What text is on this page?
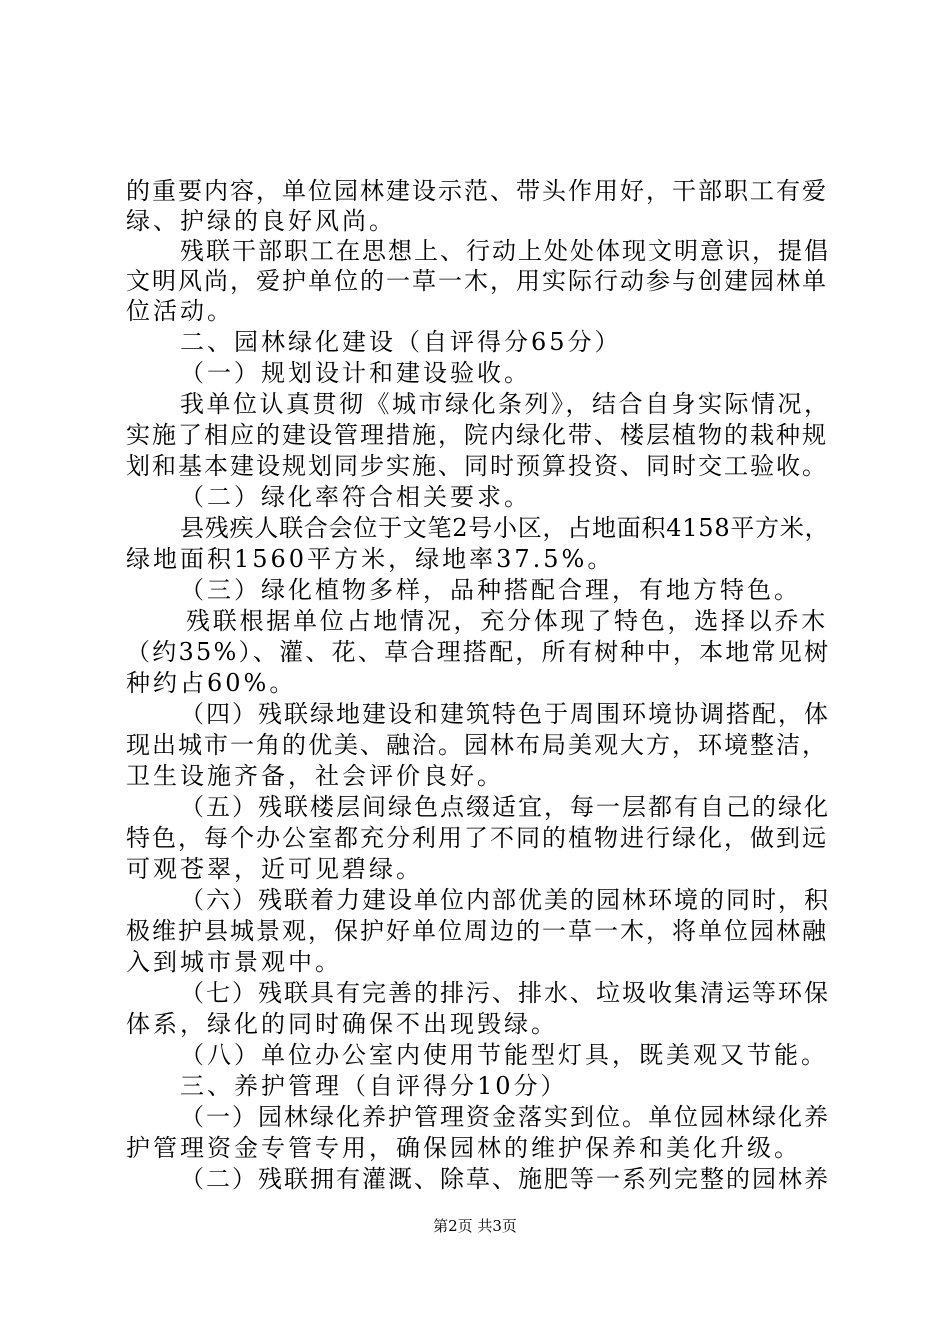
的重要内容，单位园林建设示范、带头作用好，干部职工有爱
绿、护绿的良好风尚。
残联干部职工在思想上、行动上处处体现文明意识，提倡
文明风尚，爱护单位的一草一木，用实际行动参与创建园林单
位活动。
二、园林绿化建设（自评得分65分）
（一）规划设计和建设验收。
我单位认真贯彻《城市绿化条列》，结合自身实际情况，
实施了相应的建设管理措施，院内绿化带、楼层植物的栽种规
划和基本建设规划同步实施、同时预算投资、同时交工验收。
（二）绿化率符合相关要求。
县残疾人联合会位于文笔2号小区，占地面积4158平方米，
绿地面积1560平方米，绿地率37.5%。
（三）绿化植物多样，品种搭配合理，有地方特色。
残联根据单位占地情况，充分体现了特色，选择以乔木
（约35%）、灌、花、草合理搭配，所有树种中，本地常见树
种约占60%。
（四）残联绿地建设和建筑特色于周围环境协调搭配，体
现出城市一角的优美、融洽。园林布局美观大方，环境整洁，
卫生设施齐备，社会评价良好。
（五）残联楼层间绿色点缀适宜，每一层都有自己的绿化
特色，每个办公室都充分利用了不同的植物进行绿化，做到远
可观苍翠，近可见碧绿。
（六）残联着力建设单位内部优美的园林环境的同时，积
极维护县城景观，保护好单位周边的一草一木，将单位园林融
入到城市景观中。
（七）残联具有完善的排污、排水、垃圾收集清运等环保
体系，绿化的同时确保不出现毁绿。
（八）单位办公室内使用节能型灯具，既美观又节能。
三、养护管理（自评得分10分）
（一）园林绿化养护管理资金落实到位。单位园林绿化养
护管理资金专管专用，确保园林的维护保养和美化升级。
（二）残联拥有灌溉、除草、施肥等一系列完整的园林养
第2页 共3页
